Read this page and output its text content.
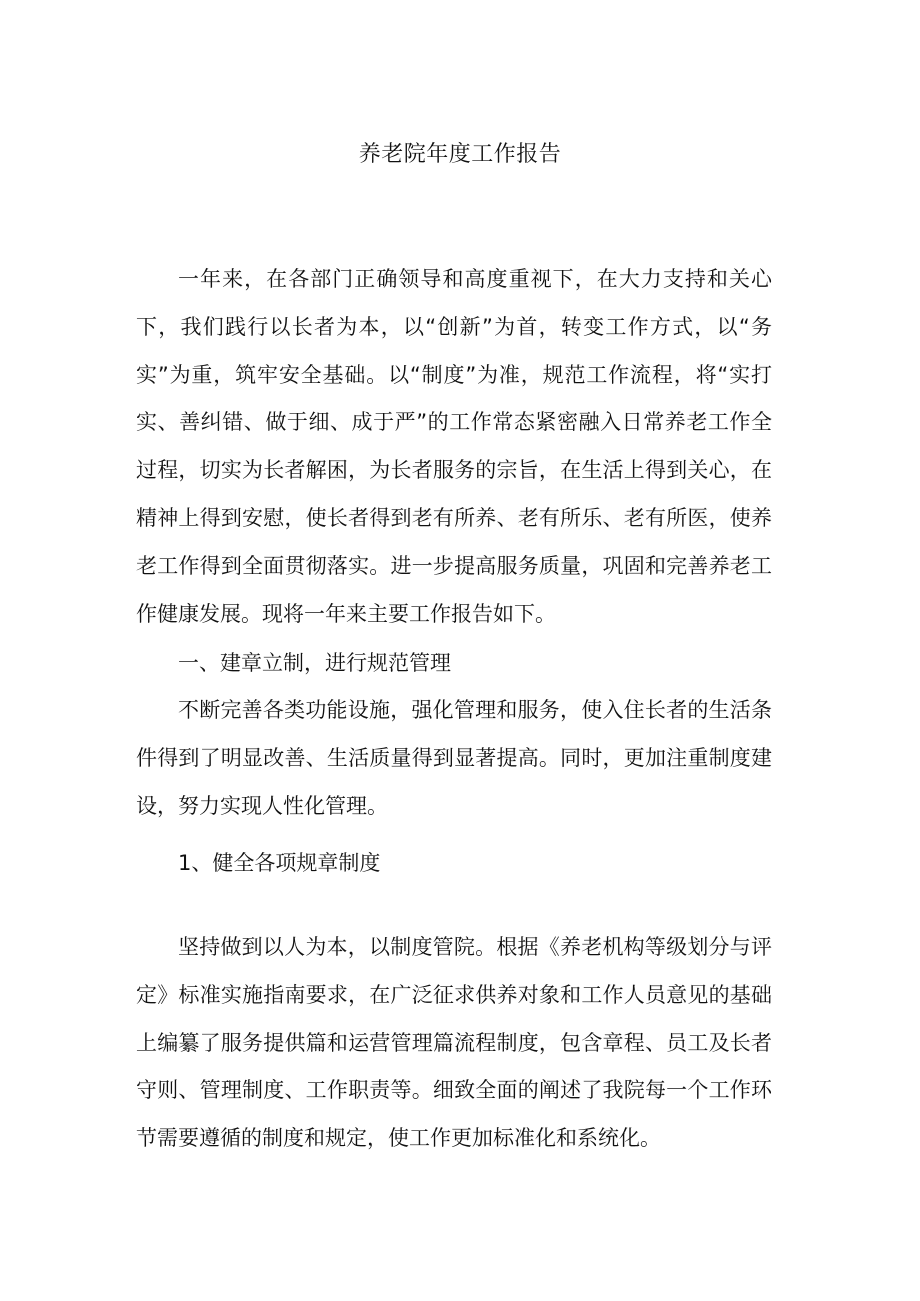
养老院年度工作报告

一年来，在各部门正确领导和高度重视下，在大力支持和关心下，我们践行以长者为本，以“创新”为首，转变工作方式，以“务实”为重，筑牢安全基础。以“制度”为准，规范工作流程，将“实打实、善纠错、做于细、成于严”的工作常态紧密融入日常养老工作全过程，切实为长者解困，为长者服务的宗旨，在生活上得到关心，在精神上得到安慰，使长者得到老有所养、老有所乐、老有所医，使养老工作得到全面贯彻落实。进一步提高服务质量，巩固和完善养老工作健康发展。现将一年来主要工作报告如下。

一、建章立制，进行规范管理

不断完善各类功能设施，强化管理和服务，使入住长者的生活条件得到了明显改善、生活质量得到显著提高。同时，更加注重制度建设，努力实现人性化管理。

1、健全各项规章制度

坚持做到以人为本，以制度管院。根据《养老机构等级划分与评定》标准实施指南要求，在广泛征求供养对象和工作人员意见的基础上编纂了服务提供篇和运营管理篇流程制度，包含章程、员工及长者守则、管理制度、工作职责等。细致全面的阐述了我院每一个工作环节需要遵循的制度和规定，使工作更加标准化和系统化。
